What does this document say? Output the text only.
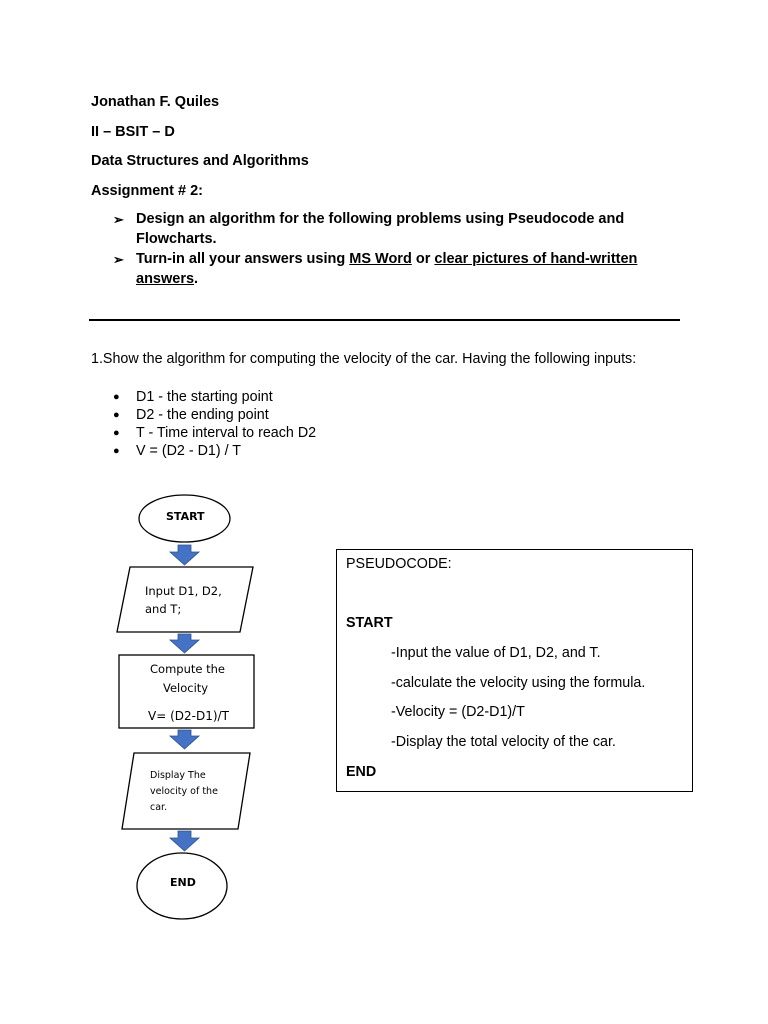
Jonathan F. Quiles
II – BSIT – D
Data Structures and Algorithms
Assignment # 2:
➢ Design an algorithm for the following problems using Pseudocode and Flowcharts.
➢ Turn-in all your answers using MS Word or clear pictures of hand-written answers.
1.Show the algorithm for computing the velocity of the car. Having the following inputs:
● D1 - the starting point
● D2 - the ending point
● T - Time interval to reach D2
● V = (D2 - D1) / T
START
Input D1, D2,
and T;
Compute the
Velocity
V= (D2-D1)/T
Display The
velocity of the
car.
END
PSEUDOCODE:
START
-Input the value of D1, D2, and T.
-calculate the velocity using the formula.
-Velocity = (D2-D1)/T
-Display the total velocity of the car.
END
